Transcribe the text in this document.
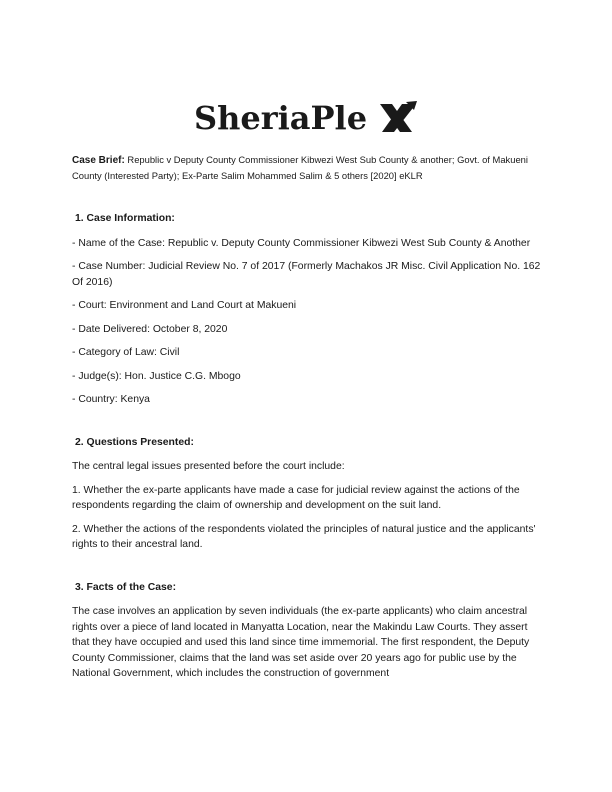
SheriaPle

Case Brief: Republic v Deputy County Commissioner Kibwezi West Sub County & another; Govt. of Makueni County (Interested Party); Ex-Parte Salim Mohammed Salim & 5 others [2020] eKLR

1. Case Information:

- Name of the Case: Republic v. Deputy County Commissioner Kibwezi West Sub County & Another

- Case Number: Judicial Review No. 7 of 2017 (Formerly Machakos JR Misc. Civil Application No. 162 Of 2016)

- Court: Environment and Land Court at Makueni

- Date Delivered: October 8, 2020

- Category of Law: Civil

- Judge(s): Hon. Justice C.G. Mbogo

- Country: Kenya

2. Questions Presented:

The central legal issues presented before the court include:

1. Whether the ex-parte applicants have made a case for judicial review against the actions of the respondents regarding the claim of ownership and development on the suit land.

2. Whether the actions of the respondents violated the principles of natural justice and the applicants' rights to their ancestral land.

3. Facts of the Case:

The case involves an application by seven individuals (the ex-parte applicants) who claim ancestral rights over a piece of land located in Manyatta Location, near the Makindu Law Courts. They assert that they have occupied and used this land since time immemorial. The first respondent, the Deputy County Commissioner, claims that the land was set aside over 20 years ago for public use by the National Government, which includes the construction of government
